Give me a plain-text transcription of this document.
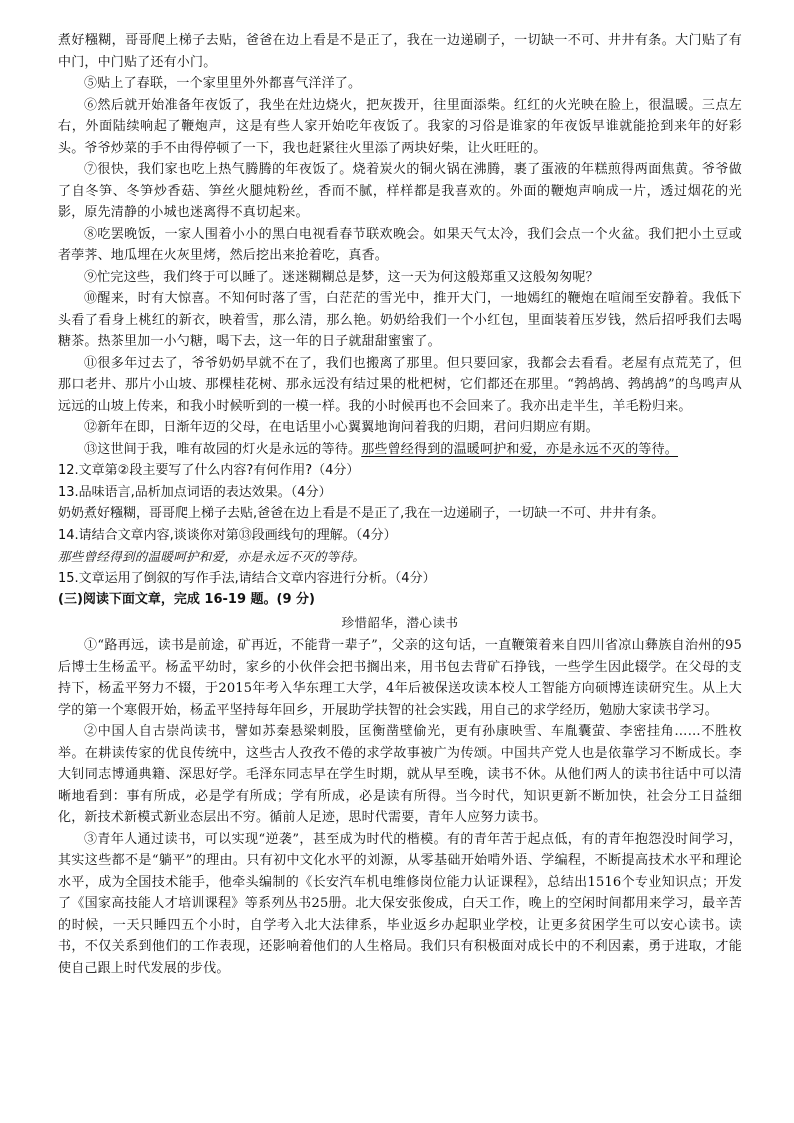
煮好糨糊，哥哥爬上梯子去贴，爸爸在边上看是不是正了，我在一边递刷子，一切缺一不可、井井有条。大门贴了有中门，中门贴了还有小门。

⑤贴上了春联，一个家里里外外都喜气洋洋了。

⑥然后就开始准备年夜饭了，我坐在灶边烧火，把灰拨开，往里面添柴。红红的火光映在脸上，很温暖。三点左右，外面陆续响起了鞭炮声，这是有些人家开始吃年夜饭了。我家的习俗是谁家的年夜饭早谁就能抢到来年的好彩头。爷爷炒菜的手不由得停顿了一下，我也赶紧往火里添了两块好柴，让火旺旺的。

⑦很快，我们家也吃上热气腾腾的年夜饭了。烧着炭火的铜火锅在沸腾，裹了蛋液的年糕煎得两面焦黄。爷爷做了自冬笋、冬笋炒香菇、笋丝火腿炖粉丝，香而不腻，样样都是我喜欢的。外面的鞭炮声响成一片，透过烟花的光影，原先清静的小城也迷离得不真切起来。

⑧吃罢晚饭，一家人围着小小的黑白电视看春节联欢晚会。如果天气太冷，我们会点一个火盆。我们把小土豆或者荸荠、地瓜埋在火灰里烤，然后挖出来抢着吃，真香。

⑨忙完这些，我们终于可以睡了。迷迷糊糊总是梦，这一天为何这般郑重又这般匆匆呢？

⑩醒来，时有大惊喜。不知何时落了雪，白茫茫的雪光中，推开大门，一地嫣红的鞭炮在喧闹至安静着。我低下头看了看身上桃红的新衣，映着雪，那么清，那么艳。奶奶给我们一个小红包，里面装着压岁钱，然后招呼我们去喝糖茶。热茶里加一小勺糖，喝下去，这一年的日子就甜甜蜜蜜了。

⑪很多年过去了，爷爷奶奶早就不在了，我们也搬离了那里。但只要回家，我都会去看看。老屋有点荒芜了，但那口老井、那片小山坡、那棵桂花树、那永远没有结过果的枇杷树，它们都还在那里。“鹁鸪鸪、鹁鸪鸪”的鸟鸣声从远远的山坡上传来，和我小时候听到的一模一样。我的小时候再也不会回来了。我亦出走半生，羊毛粉归来。

⑫新年在即，日渐年迈的父母，在电话里小心翼翼地询问着我的归期，君问归期应有期。

⑬这世间于我，唯有故园的灯火是永远的等待。那些曾经得到的温暖呵护和爱，亦是永远不灭的等待。

12.文章第②段主要写了什么内容?有何作用?（4分）

13.品味语言,品析加点词语的表达效果。（4分）

奶奶煮好糨糊，哥哥爬上梯子去贴,爸爸在边上看是不是正了,我在一边递刷子，一切缺一不可、井井有条。

14.请结合文章内容,谈谈你对第⑬段画线句的理解。（4分）

那些曾经得到的温暖呵护和爱，亦是永远不灭的等待。

15.文章运用了倒叙的写作手法,请结合文章内容进行分析。（4分）

(三)阅读下面文章，完成 16-19 题。(9 分)

珍惜韶华，潜心读书

①“路再远，读书是前途，矿再近，不能背一辈子”，父亲的这句话，一直鞭策着来自四川省凉山彝族自治州的95后博士生杨孟平。杨孟平幼时，家乡的小伙伴会把书搁出来，用书包去背矿石挣钱，一些学生因此辍学。在父母的支持下，杨孟平努力不辍，于2015年考入华东理工大学，4年后被保送攻读本校人工智能方向硕博连读研究生。从上大学的第一个寒假开始，杨孟平坚持每年回乡，开展助学扶智的社会实践，用自己的求学经历，勉励大家读书学习。

②中国人自古崇尚读书，譬如苏秦悬梁刺股，匡衡凿壁偷光，更有孙康映雪、车胤囊萤、李密挂角……不胜枚举。在耕读传家的优良传统中，这些古人孜孜不倦的求学故事被广为传颂。中国共产党人也是依靠学习不断成长。李大钊同志博通典籍、深思好学。毛泽东同志早在学生时期，就从早至晚，读书不休。从他们两人的读书往话中可以清晰地看到：事有所成，必是学有所成；学有所成，必是读有所得。当今时代，知识更新不断加快，社会分工日益细化，新技术新模式新业态层出不穷。循前人足迹，思时代需要，青年人应努力读书。

③青年人通过读书，可以实现“逆袭”，甚至成为时代的楷模。有的青年苦于起点低，有的青年抱怨没时间学习，其实这些都不是“躺平”的理由。只有初中文化水平的刘源，从零基础开始啃外语、学编程，不断提高技术水平和理论水平，成为全国技术能手，他牵头编制的《长安汽车机电维修岗位能力认证课程》，总结出1516个专业知识点；开发了《国家高技能人才培训课程》等系列丛书25册。北大保安张俊成，白天工作，晚上的空闲时间都用来学习，最辛苦的时候，一天只睡四五个小时，自学考入北大法律系，毕业返乡办起职业学校，让更多贫困学生可以安心读书。读书，不仅关系到他们的工作表现，还影响着他们的人生格局。我们只有积极面对成长中的不利因素，勇于进取，才能使自己跟上时代发展的步伐。
